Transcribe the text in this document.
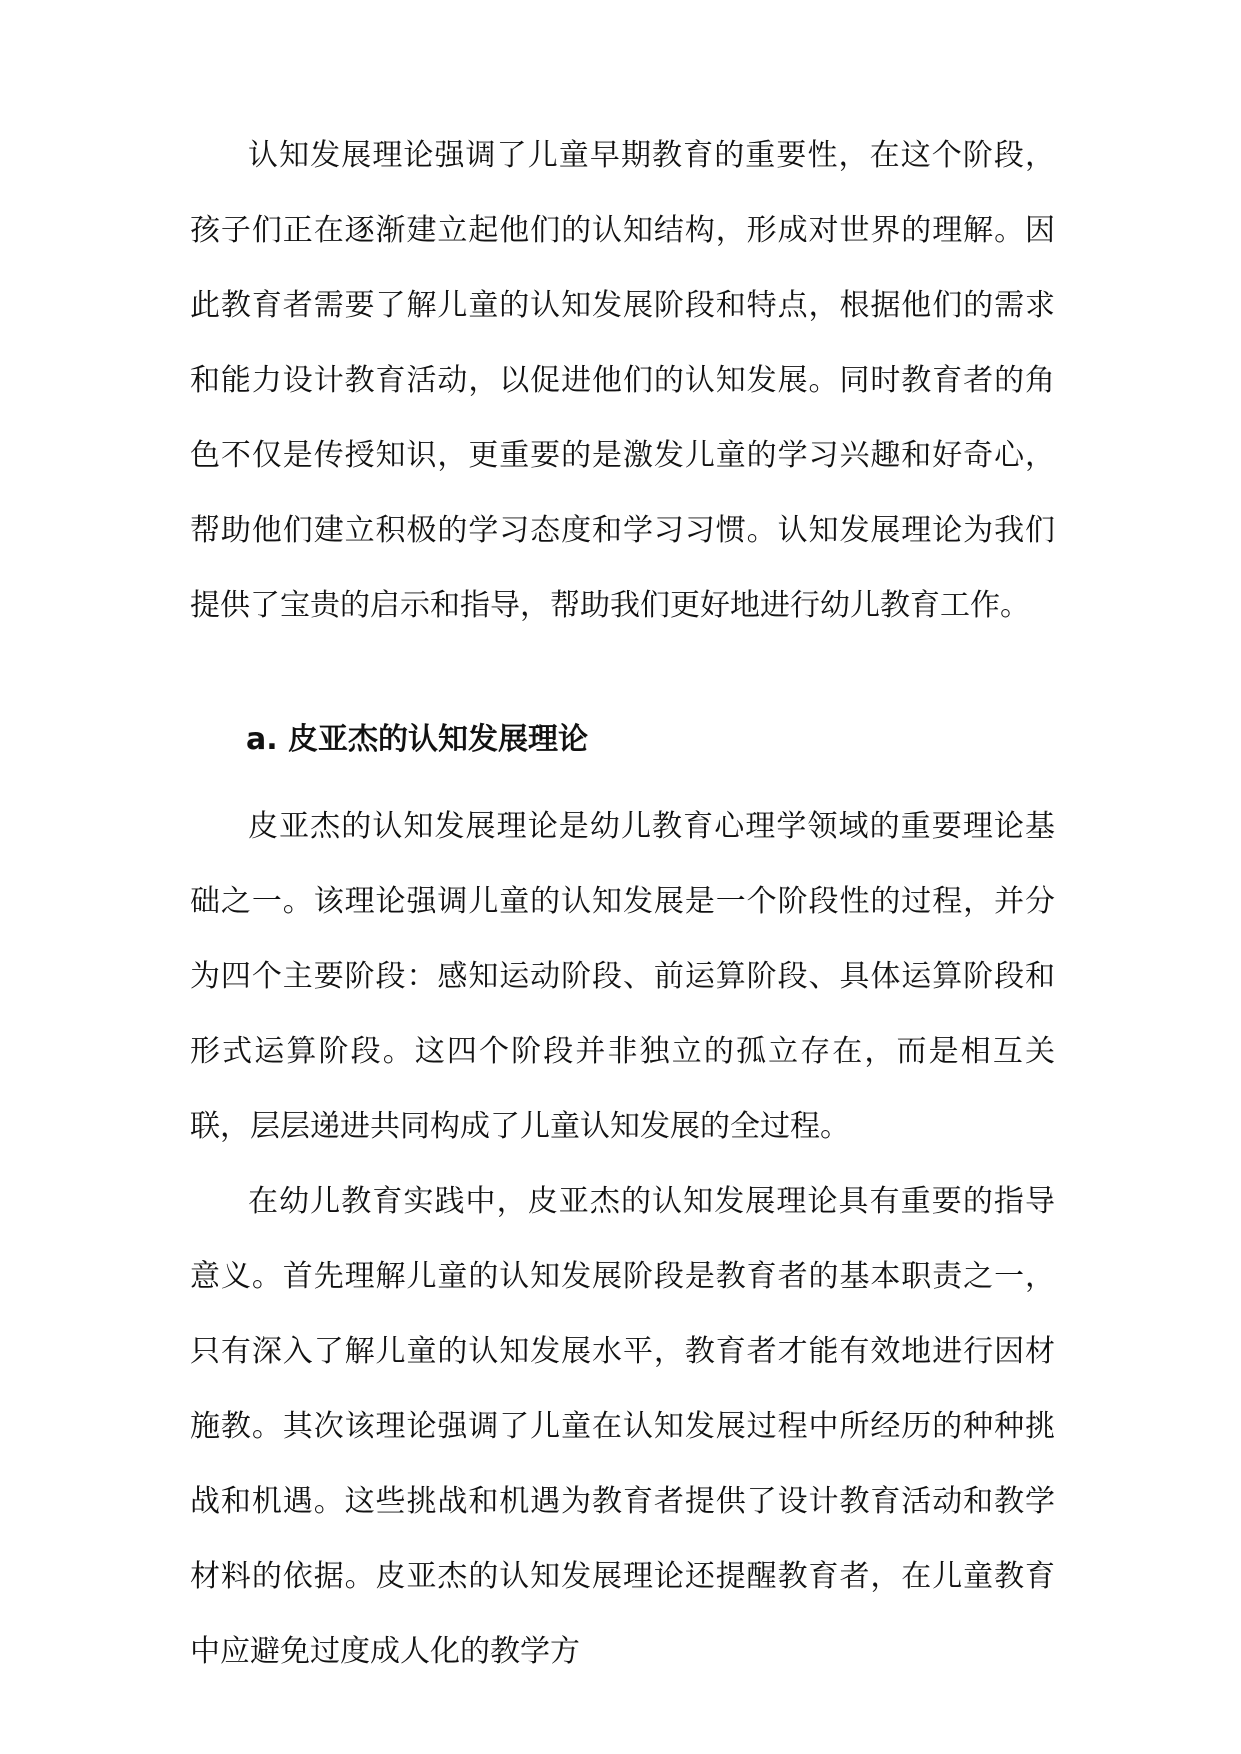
认知发展理论强调了儿童早期教育的重要性，在这个阶段，孩子们正在逐渐建立起他们的认知结构，形成对世界的理解。因此教育者需要了解儿童的认知发展阶段和特点，根据他们的需求和能力设计教育活动，以促进他们的认知发展。同时教育者的角色不仅是传授知识，更重要的是激发儿童的学习兴趣和好奇心，帮助他们建立积极的学习态度和学习习惯。认知发展理论为我们提供了宝贵的启示和指导，帮助我们更好地进行幼儿教育工作。

a. 皮亚杰的认知发展理论

皮亚杰的认知发展理论是幼儿教育心理学领域的重要理论基础之一。该理论强调儿童的认知发展是一个阶段性的过程，并分为四个主要阶段：感知运动阶段、前运算阶段、具体运算阶段和形式运算阶段。这四个阶段并非独立的孤立存在，而是相互关联，层层递进共同构成了儿童认知发展的全过程。

在幼儿教育实践中，皮亚杰的认知发展理论具有重要的指导意义。首先理解儿童的认知发展阶段是教育者的基本职责之一，只有深入了解儿童的认知发展水平，教育者才能有效地进行因材施教。其次该理论强调了儿童在认知发展过程中所经历的种种挑战和机遇。这些挑战和机遇为教育者提供了设计教育活动和教学材料的依据。皮亚杰的认知发展理论还提醒教育者，在儿童教育中应避免过度成人化的教学方
